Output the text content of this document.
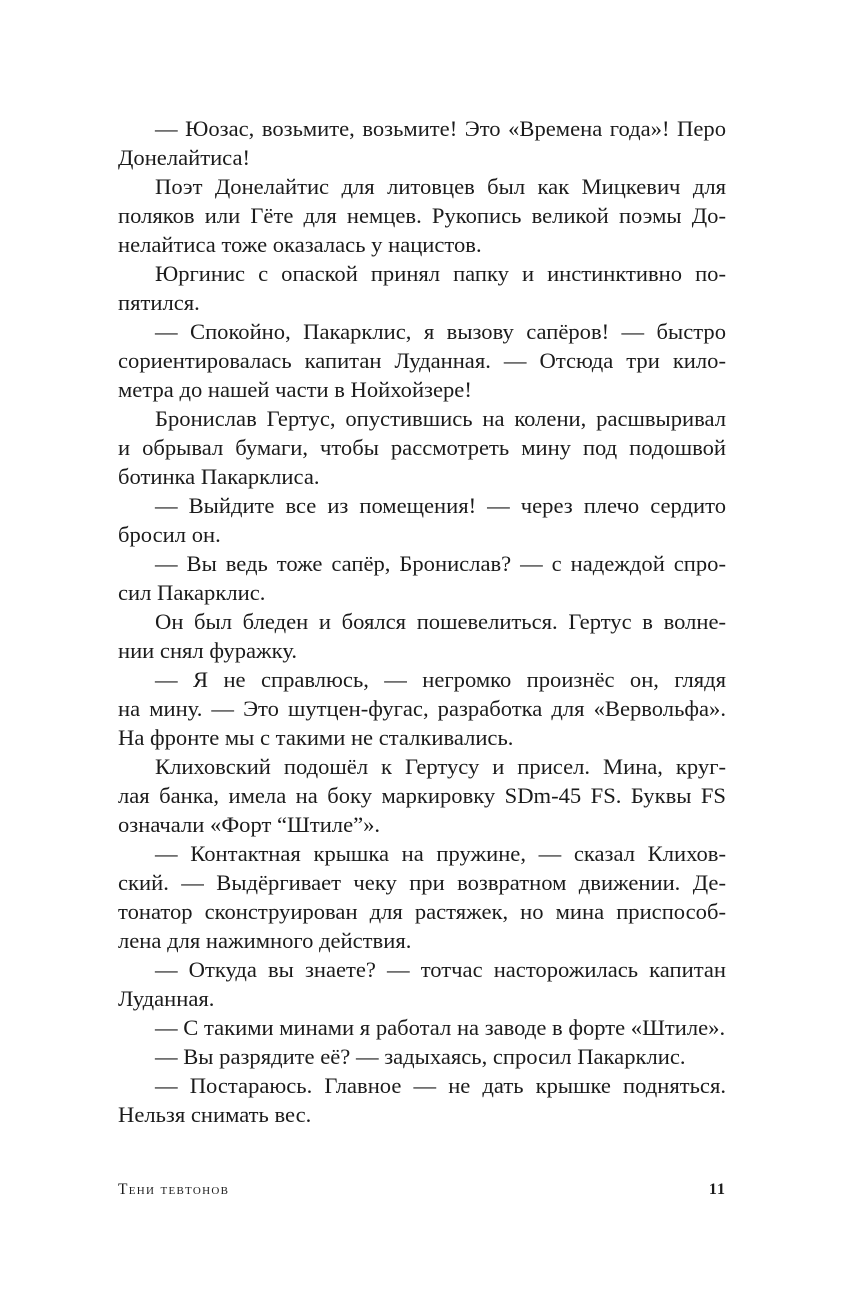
— Юозас, возьмите, возьмите! Это «Времена года»! Перо
Донелайтиса!
Поэт Донелайтис для литовцев был как Мицкевич для
поляков или Гёте для немцев. Рукопись великой поэмы До-
нелайтиса тоже оказалась у нацистов.
Юргинис с опаской принял папку и инстинктивно по-
пятился.
— Спокойно, Пакарклис, я вызову сапёров! — быстро
сориентировалась капитан Луданная. — Отсюда три кило-
метра до нашей части в Нойхойзере!
Бронислав Гертус, опустившись на колени, расшвыривал
и обрывал бумаги, чтобы рассмотреть мину под подошвой
ботинка Пакарклиса.
— Выйдите все из помещения! — через плечо сердито
бросил он.
— Вы ведь тоже сапёр, Бронислав? — с надеждой спро-
сил Пакарклис.
Он был бледен и боялся пошевелиться. Гертус в волне-
нии снял фуражку.
— Я не справлюсь, — негромко произнёс он, глядя
на мину. — Это шутцен-фугас, разработка для «Вервольфа».
На фронте мы с такими не сталкивались.
Клиховский подошёл к Гертусу и присел. Мина, круг-
лая банка, имела на боку маркировку SDm-45 FS. Буквы FS
означали «Форт “Штиле”».
— Контактная крышка на пружине, — сказал Клихов-
ский. — Выдёргивает чеку при возвратном движении. Де-
тонатор сконструирован для растяжек, но мина приспособ-
лена для нажимного действия.
— Откуда вы знаете? — тотчас насторожилась капитан
Луданная.
— С такими минами я работал на заводе в форте «Штиле».
— Вы разрядите её? — задыхаясь, спросил Пакарклис.
— Постараюсь. Главное — не дать крышке подняться.
Нельзя снимать вес.
Тени тевтонов	11
